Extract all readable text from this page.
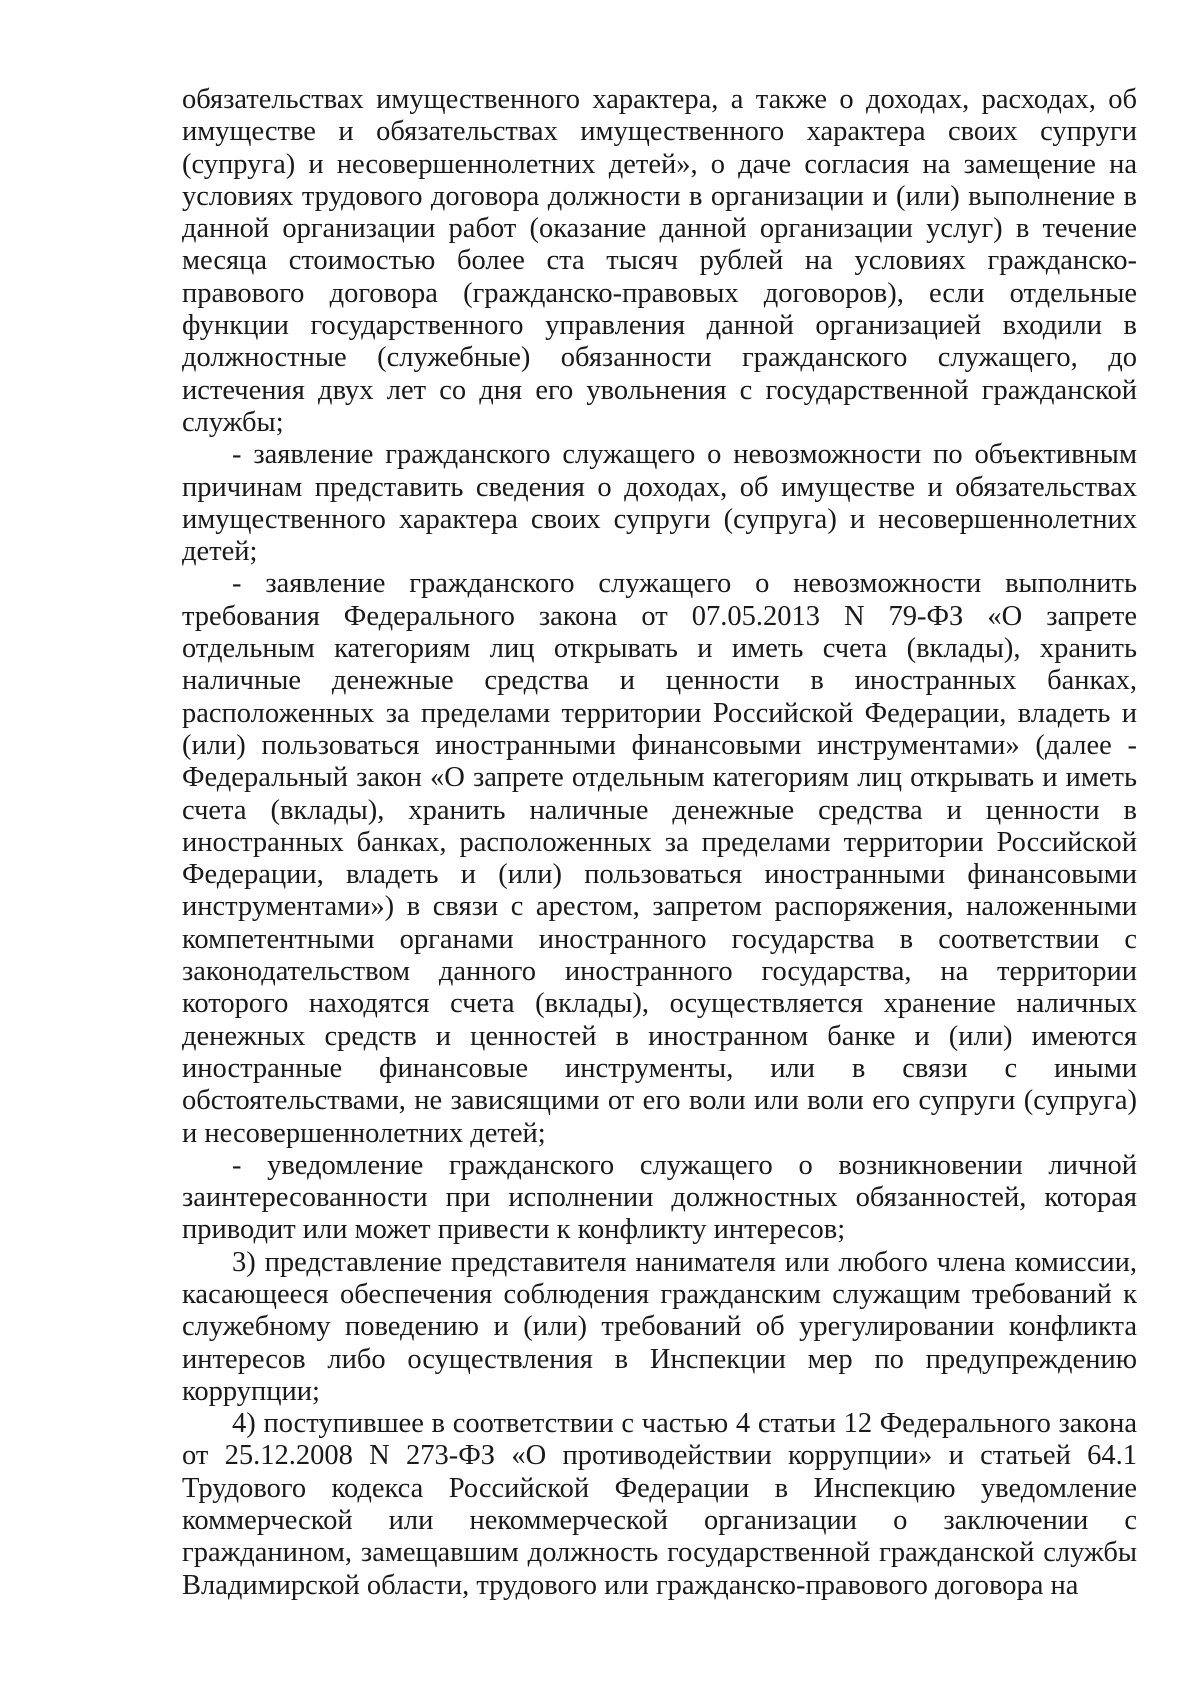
обязательствах имущественного характера, а также о доходах, расходах, об имуществе и обязательствах имущественного характера своих супруги (супруга) и несовершеннолетних детей», о даче согласия на замещение на условиях трудового договора должности в организации и (или) выполнение в данной организации работ (оказание данной организации услуг) в течение месяца стоимостью более ста тысяч рублей на условиях гражданско-правового договора (гражданско-правовых договоров), если отдельные функции государственного управления данной организацией входили в должностные (служебные) обязанности гражданского служащего, до истечения двух лет со дня его увольнения с государственной гражданской службы;

- заявление гражданского служащего о невозможности по объективным причинам представить сведения о доходах, об имуществе и обязательствах имущественного характера своих супруги (супруга) и несовершеннолетних детей;

- заявление гражданского служащего о невозможности выполнить требования Федерального закона от 07.05.2013 N 79-ФЗ «О запрете отдельным категориям лиц открывать и иметь счета (вклады), хранить наличные денежные средства и ценности в иностранных банках, расположенных за пределами территории Российской Федерации, владеть и (или) пользоваться иностранными финансовыми инструментами» (далее - Федеральный закон «О запрете отдельным категориям лиц открывать и иметь счета (вклады), хранить наличные денежные средства и ценности в иностранных банках, расположенных за пределами территории Российской Федерации, владеть и (или) пользоваться иностранными финансовыми инструментами») в связи с арестом, запретом распоряжения, наложенными компетентными органами иностранного государства в соответствии с законодательством данного иностранного государства, на территории которого находятся счета (вклады), осуществляется хранение наличных денежных средств и ценностей в иностранном банке и (или) имеются иностранные финансовые инструменты, или в связи с иными обстоятельствами, не зависящими от его воли или воли его супруги (супруга) и несовершеннолетних детей;

- уведомление гражданского служащего о возникновении личной заинтересованности при исполнении должностных обязанностей, которая приводит или может привести к конфликту интересов;

3) представление представителя нанимателя или любого члена комиссии, касающееся обеспечения соблюдения гражданским служащим требований к служебному поведению и (или) требований об урегулировании конфликта интересов либо осуществления в Инспекции мер по предупреждению коррупции;

4) поступившее в соответствии с частью 4 статьи 12 Федерального закона от 25.12.2008 N 273-ФЗ «О противодействии коррупции» и статьей 64.1 Трудового кодекса Российской Федерации в Инспекцию уведомление коммерческой или некоммерческой организации о заключении с гражданином, замещавшим должность государственной гражданской службы Владимирской области, трудового или гражданско-правового договора на
